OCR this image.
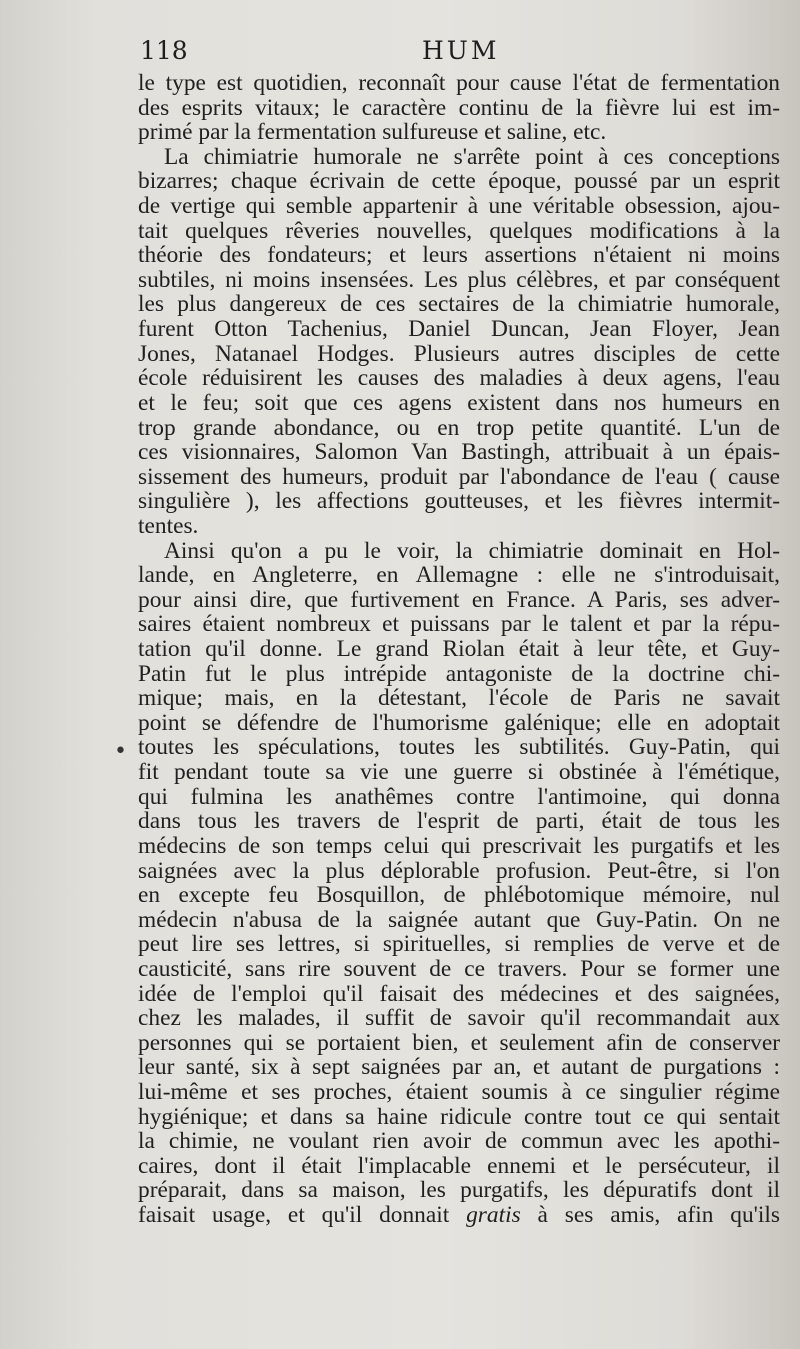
118	HUM
•
le type est quotidien, reconnaît pour cause l'état de fermentation
des esprits vitaux; le caractère continu de la fièvre lui est im-
primé par la fermentation sulfureuse et saline, etc.
La chimiatrie humorale ne s'arrête point à ces conceptions
bizarres; chaque écrivain de cette époque, poussé par un esprit
de vertige qui semble appartenir à une véritable obsession, ajou-
tait quelques rêveries nouvelles, quelques modifications à la
théorie des fondateurs; et leurs assertions n'étaient ni moins
subtiles, ni moins insensées. Les plus célèbres, et par conséquent
les plus dangereux de ces sectaires de la chimiatrie humorale,
furent Otton Tachenius, Daniel Duncan, Jean Floyer, Jean
Jones, Natanael Hodges. Plusieurs autres disciples de cette
école réduisirent les causes des maladies à deux agens, l'eau
et le feu; soit que ces agens existent dans nos humeurs en
trop grande abondance, ou en trop petite quantité. L'un de
ces visionnaires, Salomon Van Bastingh, attribuait à un épais-
sissement des humeurs, produit par l'abondance de l'eau ( cause
singulière ), les affections goutteuses, et les fièvres intermit-
tentes.
Ainsi qu'on a pu le voir, la chimiatrie dominait en Hol-
lande, en Angleterre, en Allemagne : elle ne s'introduisait,
pour ainsi dire, que furtivement en France. A Paris, ses adver-
saires étaient nombreux et puissans par le talent et par la répu-
tation qu'il donne. Le grand Riolan était à leur tête, et Guy-
Patin fut le plus intrépide antagoniste de la doctrine chi-
mique; mais, en la détestant, l'école de Paris ne savait
point se défendre de l'humorisme galénique; elle en adoptait
toutes les spéculations, toutes les subtilités. Guy-Patin, qui
fit pendant toute sa vie une guerre si obstinée à l'émétique,
qui fulmina les anathêmes contre l'antimoine, qui donna
dans tous les travers de l'esprit de parti, était de tous les
médecins de son temps celui qui prescrivait les purgatifs et les
saignées avec la plus déplorable profusion. Peut-être, si l'on
en excepte feu Bosquillon, de phlébotomique mémoire, nul
médecin n'abusa de la saignée autant que Guy-Patin. On ne
peut lire ses lettres, si spirituelles, si remplies de verve et de
causticité, sans rire souvent de ce travers. Pour se former une
idée de l'emploi qu'il faisait des médecines et des saignées,
chez les malades, il suffit de savoir qu'il recommandait aux
personnes qui se portaient bien, et seulement afin de conserver
leur santé, six à sept saignées par an, et autant de purgations :
lui-même et ses proches, étaient soumis à ce singulier régime
hygiénique; et dans sa haine ridicule contre tout ce qui sentait
la chimie, ne voulant rien avoir de commun avec les apothi-
caires, dont il était l'implacable ennemi et le persécuteur, il
préparait, dans sa maison, les purgatifs, les dépuratifs dont il
faisait usage, et qu'il donnait gratis à ses amis, afin qu'ils
